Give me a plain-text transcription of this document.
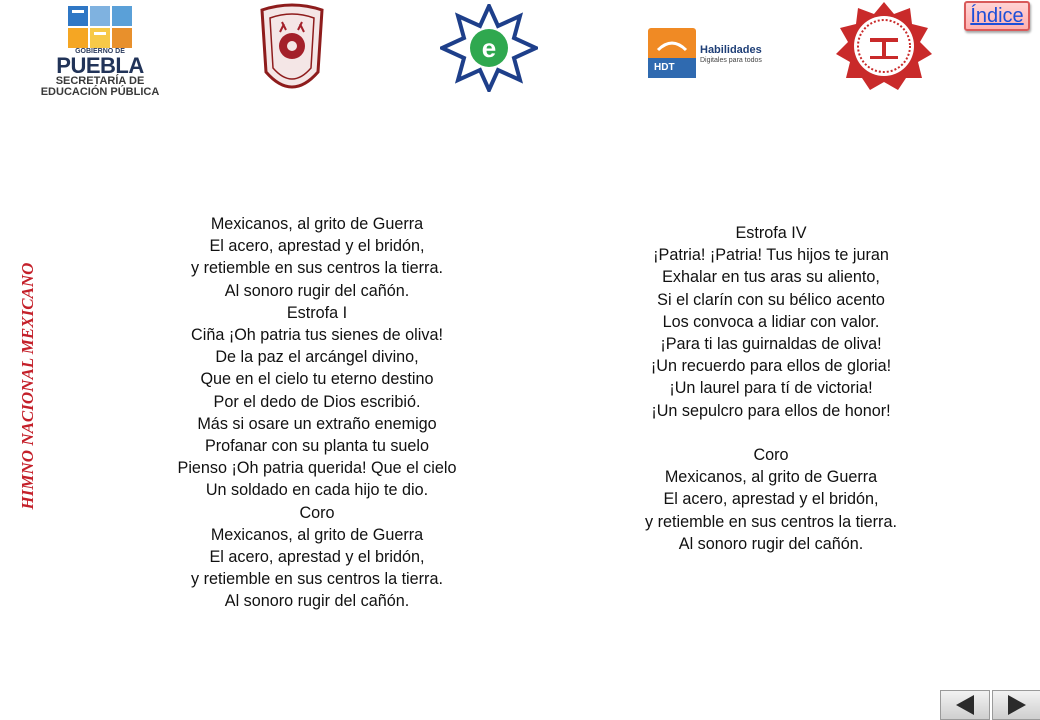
GOBIERNO DE
PUEBLA
SECRETARÍA DE
EDUCACIÓN PÚBLICA
e
HDT
Habilidades
Digitales para todos
Índice
HIMNO NACIONAL MEXICANO
Mexicanos, al grito de Guerra
El acero, aprestad y el bridón,
y retiemble en sus centros la tierra.
Al sonoro rugir del cañón.
Estrofa I
Ciña ¡Oh patria tus sienes de oliva!
De la paz el arcángel divino,
Que en el cielo tu eterno destino
Por el dedo de Dios escribió.
Más si osare un extraño enemigo
Profanar con su planta tu suelo
Pienso ¡Oh patria querida! Que el cielo
Un soldado en cada hijo te dio.
Coro
Mexicanos, al grito de Guerra
El acero, aprestad y el bridón,
y retiemble en sus centros la tierra.
Al sonoro rugir del cañón.
Estrofa IV
¡Patria! ¡Patria! Tus hijos te juran
Exhalar en tus aras su aliento,
Si el clarín con su bélico acento
Los convoca a lidiar con valor.
¡Para ti las guirnaldas de oliva!
¡Un recuerdo para ellos de gloria!
¡Un laurel para tí de victoria!
¡Un sepulcro para ellos de honor!
Coro
Mexicanos, al grito de Guerra
El acero, aprestad y el bridón,
y retiemble en sus centros la tierra.
Al sonoro rugir del cañón.
